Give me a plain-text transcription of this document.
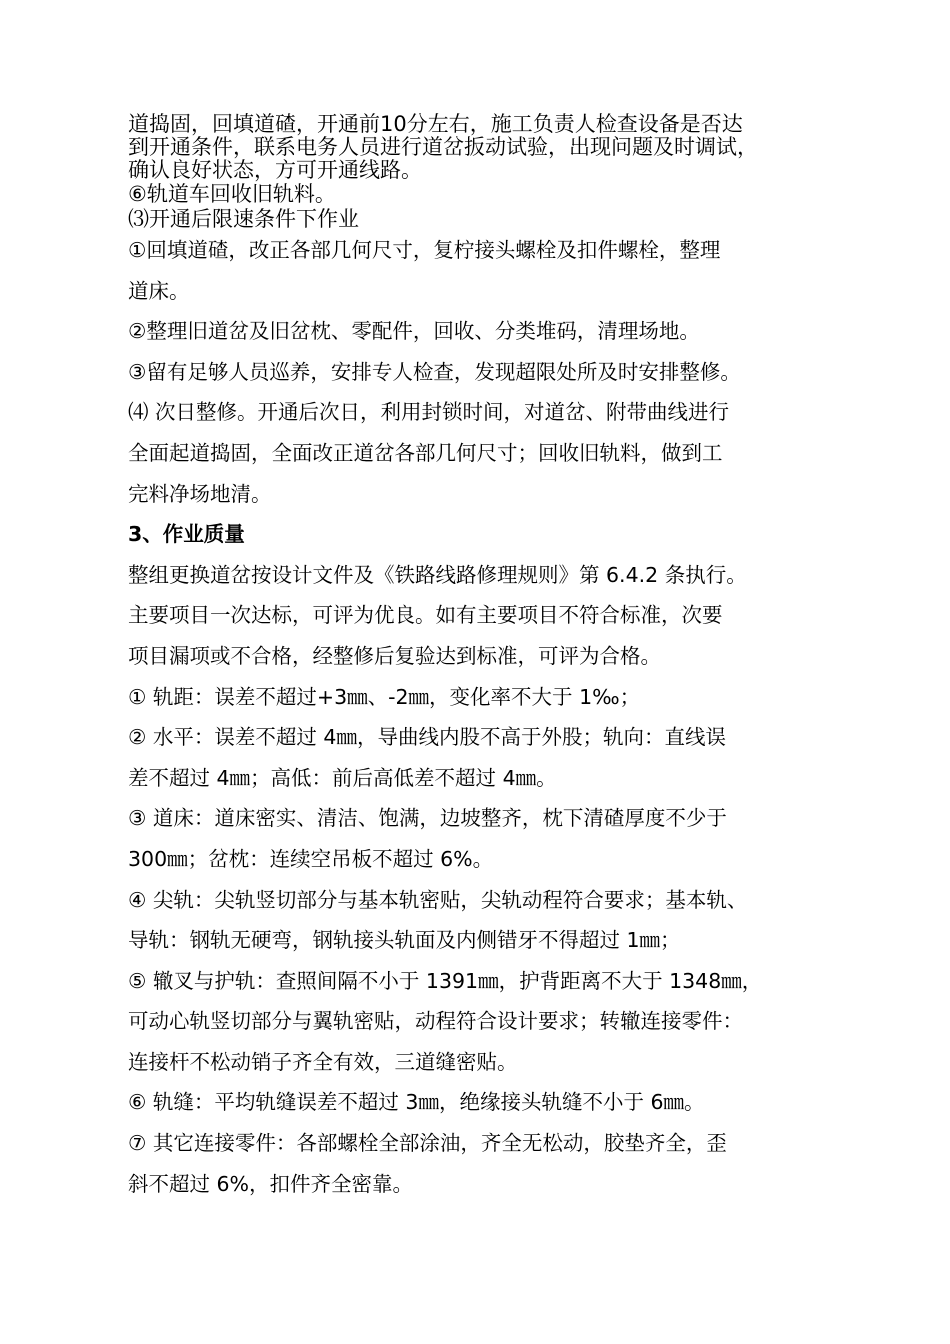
道捣固，回填道碴，开通前10分左右，施工负责人检查设备是否达
到开通条件，联系电务人员进行道岔扳动试验，出现问题及时调试，
确认良好状态，方可开通线路。
⑥轨道车回收旧轨料。
⑶开通后限速条件下作业

①回填道碴，改正各部几何尺寸，复柠接头螺栓及扣件螺栓，整理

道床。

②整理旧道岔及旧岔枕、零配件，回收、分类堆码，清理场地。

③留有足够人员巡养，安排专人检查，发现超限处所及时安排整修。

⑷ 次日整修。开通后次日，利用封锁时间，对道岔、附带曲线进行

全面起道捣固，全面改正道岔各部几何尺寸；回收旧轨料，做到工

完料净场地清。

3、作业质量

整组更换道岔按设计文件及《铁路线路修理规则》第 6.4.2 条执行。

主要项目一次达标，可评为优良。如有主要项目不符合标准，次要

项目漏项或不合格，经整修后复验达到标准，可评为合格。

① 轨距：误差不超过+3㎜、-2㎜，变化率不大于 1‰；

② 水平：误差不超过 4㎜，导曲线内股不高于外股；轨向：直线误

差不超过 4㎜；高低：前后高低差不超过 4㎜。

③ 道床：道床密实、清洁、饱满，边坡整齐，枕下清碴厚度不少于

300㎜；岔枕：连续空吊板不超过 6%。

④ 尖轨：尖轨竖切部分与基本轨密贴，尖轨动程符合要求；基本轨、

导轨：钢轨无硬弯，钢轨接头轨面及内侧错牙不得超过 1㎜；

⑤ 辙叉与护轨：查照间隔不小于 1391㎜，护背距离不大于 1348㎜，

可动心轨竖切部分与翼轨密贴，动程符合设计要求；转辙连接零件：

连接杆不松动销子齐全有效，三道缝密贴。

⑥ 轨缝：平均轨缝误差不超过 3㎜，绝缘接头轨缝不小于 6㎜。

⑦ 其它连接零件：各部螺栓全部涂油，齐全无松动，胶垫齐全，歪

斜不超过 6%，扣件齐全密靠。
